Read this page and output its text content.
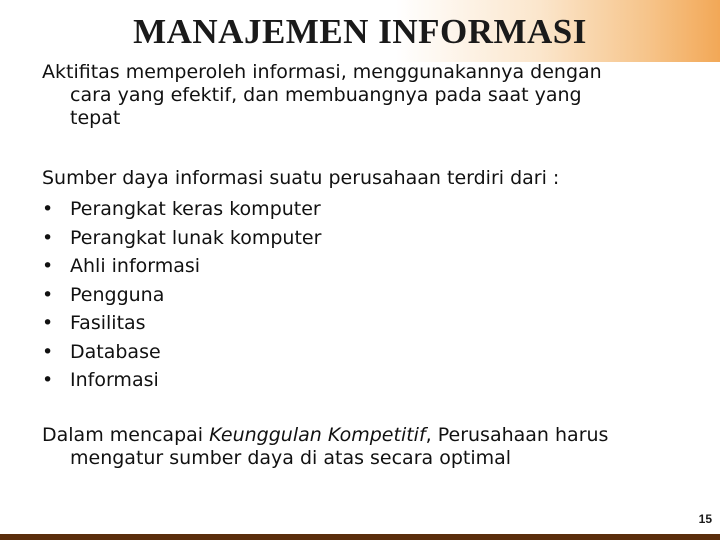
MANAJEMEN INFORMASI
Aktifitas memperoleh informasi, menggunakannya dengan
cara yang efektif, dan membuangnya pada saat yang
tepat
Sumber daya informasi suatu perusahaan terdiri dari :
• Perangkat keras komputer
• Perangkat lunak komputer
• Ahli informasi
• Pengguna
• Fasilitas
• Database
• Informasi
Dalam mencapai Keunggulan Kompetitif, Perusahaan harus
mengatur sumber daya di atas secara optimal
15
